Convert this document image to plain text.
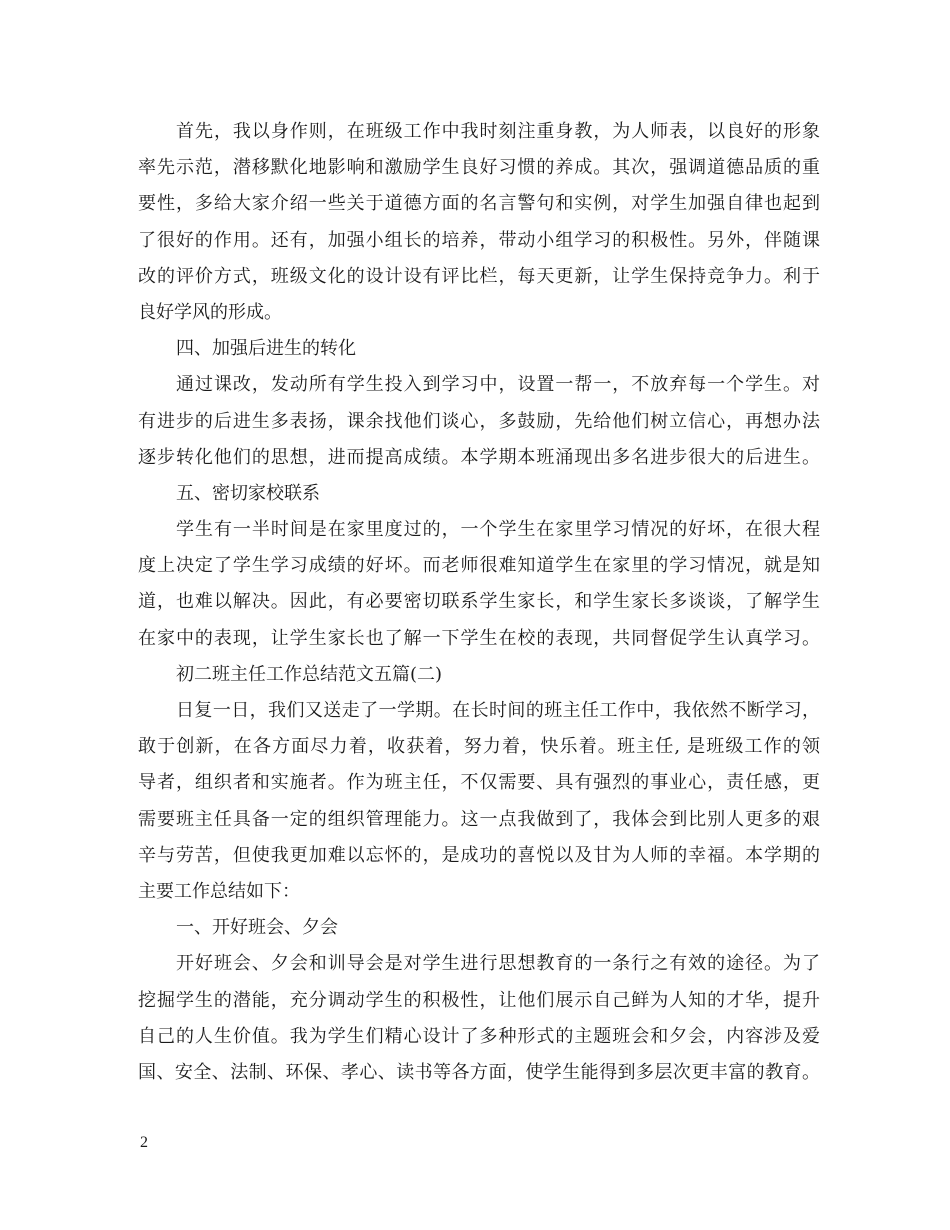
首先，我以身作则，在班级工作中我时刻注重身教，为人师表，以良好的形象
率先示范，潜移默化地影响和激励学生良好习惯的养成。其次，强调道德品质的重
要性，多给大家介绍一些关于道德方面的名言警句和实例，对学生加强自律也起到
了很好的作用。还有，加强小组长的培养，带动小组学习的积极性。另外，伴随课
改的评价方式，班级文化的设计设有评比栏，每天更新，让学生保持竞争力。利于
良好学风的形成。
四、加强后进生的转化
通过课改，发动所有学生投入到学习中，设置一帮一，不放弃每一个学生。对
有进步的后进生多表扬，课余找他们谈心，多鼓励，先给他们树立信心，再想办法
逐步转化他们的思想，进而提高成绩。本学期本班涌现出多名进步很大的后进生。
五、密切家校联系
学生有一半时间是在家里度过的，一个学生在家里学习情况的好坏，在很大程
度上决定了学生学习成绩的好坏。而老师很难知道学生在家里的学习情况，就是知
道，也难以解决。因此，有必要密切联系学生家长，和学生家长多谈谈，了解学生
在家中的表现，让学生家长也了解一下学生在校的表现，共同督促学生认真学习。
初二班主任工作总结范文五篇(二)
日复一日，我们又送走了一学期。在长时间的班主任工作中，我依然不断学习，
敢于创新，在各方面尽力着，收获着，努力着，快乐着。班主任, 是班级工作的领
导者，组织者和实施者。作为班主任，不仅需要、具有强烈的事业心，责任感，更
需要班主任具备一定的组织管理能力。这一点我做到了，我体会到比别人更多的艰
辛与劳苦，但使我更加难以忘怀的，是成功的喜悦以及甘为人师的幸福。本学期的
主要工作总结如下：
一、开好班会、夕会
开好班会、夕会和训导会是对学生进行思想教育的一条行之有效的途径。为了
挖掘学生的潜能，充分调动学生的积极性，让他们展示自己鲜为人知的才华，提升
自己的人生价值。我为学生们精心设计了多种形式的主题班会和夕会，内容涉及爱
国、安全、法制、环保、孝心、读书等各方面，使学生能得到多层次更丰富的教育。
2
